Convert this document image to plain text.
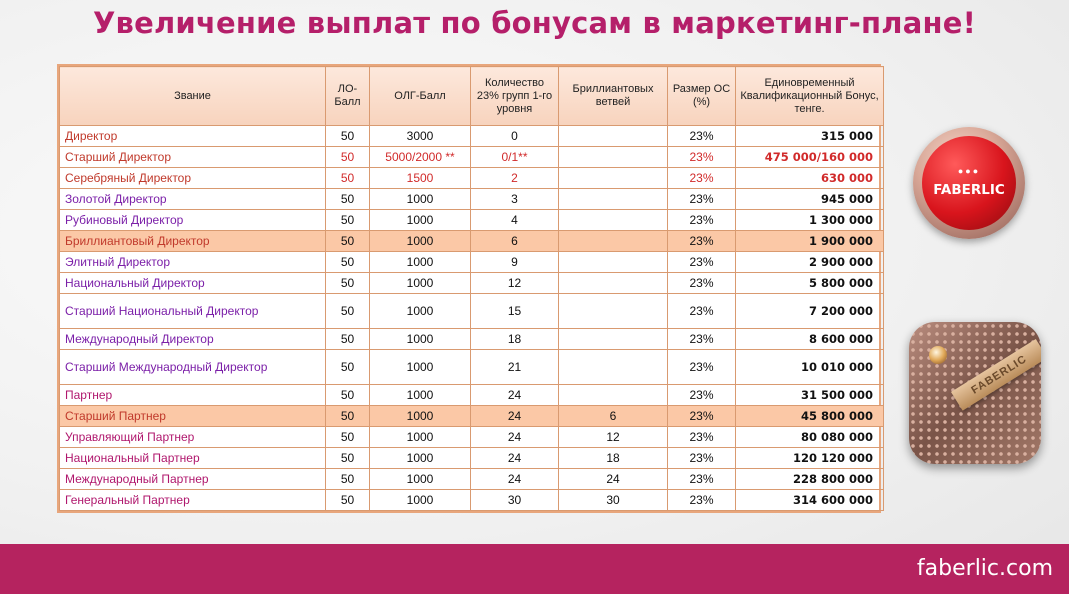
Увеличение выплат по бонусам в маркетинг-плане!
Звание	ЛО-Балл	ОЛГ-Балл	Количество 23% групп 1-го уровня	Бриллиантовых ветвей	Размер ОС (%)	Единовременный Квалификационный Бонус, тенге.
Директор	50	3000	0		23%	315 000
Старший Директор	50	5000/2000 **	0/1**		23%	475 000/160 000
Серебряный Директор	50	1500	2		23%	630 000
Золотой Директор	50	1000	3		23%	945 000
Рубиновый Директор	50	1000	4		23%	1 300 000
Бриллиантовый Директор	50	1000	6		23%	1 900 000
Элитный Директор	50	1000	9		23%	2 900 000
Национальный Директор	50	1000	12		23%	5 800 000
Старший Национальный Директор	50	1000	15		23%	7 200 000
Международный Директор	50	1000	18		23%	8 600 000
Старший Международный Директор	50	1000	21		23%	10 010 000
Партнер	50	1000	24		23%	31 500 000
Старший Партнер	50	1000	24	6	23%	45 800 000
Управляющий Партнер	50	1000	24	12	23%	80 080 000
Национальный Партнер	50	1000	24	18	23%	120 120 000
Международный Партнер	50	1000	24	24	23%	228 800 000
Генеральный Партнер	50	1000	30	30	23%	314 600 000
●●●
FABERLIC
FABERLIC
faberlic.com
